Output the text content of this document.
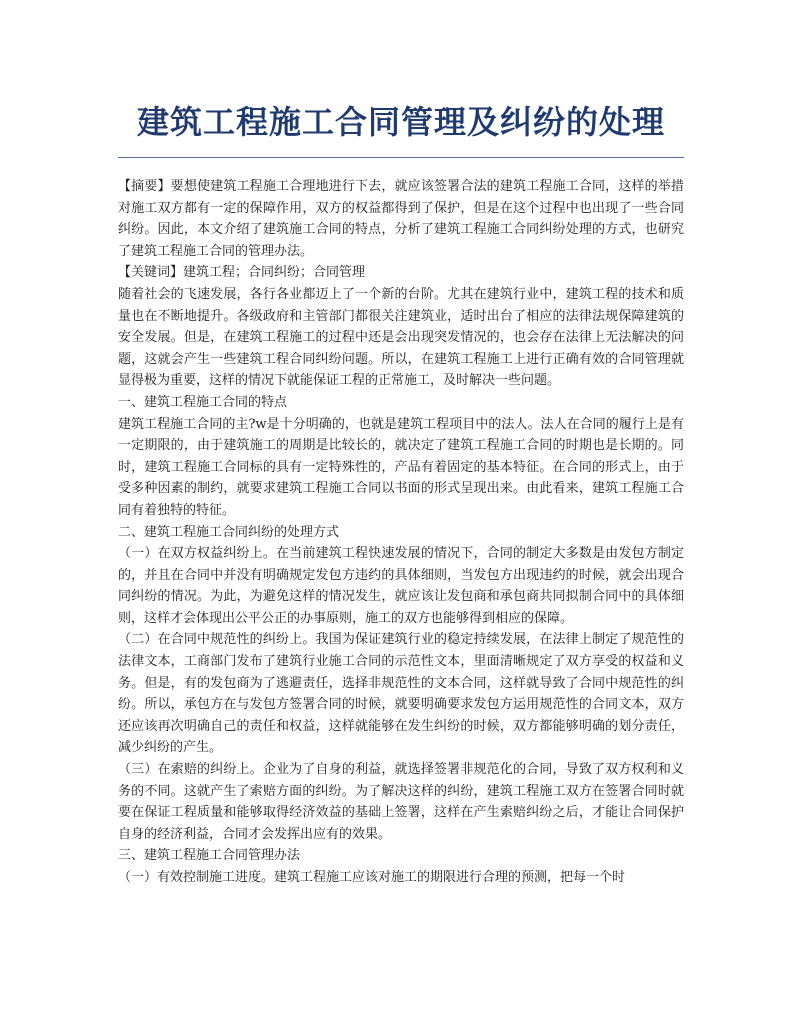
建筑工程施工合同管理及纠纷的处理

【摘要】要想使建筑工程施工合理地进行下去，就应该签署合法的建筑工程施工合同，这样的举措对施工双方都有一定的保障作用，双方的权益都得到了保护，但是在这个过程中也出现了一些合同纠纷。因此，本文介绍了建筑施工合同的特点，分析了建筑工程施工合同纠纷处理的方式，也研究了建筑工程施工合同的管理办法。

【关键词】建筑工程；合同纠纷；合同管理

随着社会的飞速发展，各行各业都迈上了一个新的台阶。尤其在建筑行业中，建筑工程的技术和质量也在不断地提升。各级政府和主管部门都很关注建筑业，适时出台了相应的法律法规保障建筑的安全发展。但是，在建筑工程施工的过程中还是会出现突发情况的，也会存在法律上无法解决的问题，这就会产生一些建筑工程合同纠纷问题。所以，在建筑工程施工上进行正确有效的合同管理就显得极为重要，这样的情况下就能保证工程的正常施工，及时解决一些问题。

一、建筑工程施工合同的特点

建筑工程施工合同的主?w是十分明确的，也就是建筑工程项目中的法人。法人在合同的履行上是有一定期限的，由于建筑施工的周期是比较长的，就决定了建筑工程施工合同的时期也是长期的。同时，建筑工程施工合同标的具有一定特殊性的，产品有着固定的基本特征。在合同的形式上，由于受多种因素的制约，就要求建筑工程施工合同以书面的形式呈现出来。由此看来，建筑工程施工合同有着独特的特征。

二、建筑工程施工合同纠纷的处理方式

（一）在双方权益纠纷上。在当前建筑工程快速发展的情况下，合同的制定大多数是由发包方制定的，并且在合同中并没有明确规定发包方违约的具体细则，当发包方出现违约的时候，就会出现合同纠纷的情况。为此，为避免这样的情况发生，就应该让发包商和承包商共同拟制合同中的具体细则，这样才会体现出公平公正的办事原则，施工的双方也能够得到相应的保障。

（二）在合同中规范性的纠纷上。我国为保证建筑行业的稳定持续发展，在法律上制定了规范性的法律文本，工商部门发布了建筑行业施工合同的示范性文本，里面清晰规定了双方享受的权益和义务。但是，有的发包商为了逃避责任，选择非规范性的文本合同，这样就导致了合同中规范性的纠纷。所以，承包方在与发包方签署合同的时候，就要明确要求发包方运用规范性的合同文本，双方还应该再次明确自己的责任和权益，这样就能够在发生纠纷的时候，双方都能够明确的划分责任，减少纠纷的产生。

（三）在索赔的纠纷上。企业为了自身的利益，就选择签署非规范化的合同，导致了双方权利和义务的不同。这就产生了索赔方面的纠纷。为了解决这样的纠纷，建筑工程施工双方在签署合同时就要在保证工程质量和能够取得经济效益的基础上签署，这样在产生索赔纠纷之后，才能让合同保护自身的经济利益，合同才会发挥出应有的效果。

三、建筑工程施工合同管理办法

（一）有效控制施工进度。建筑工程施工应该对施工的期限进行合理的预测，把每一个时
